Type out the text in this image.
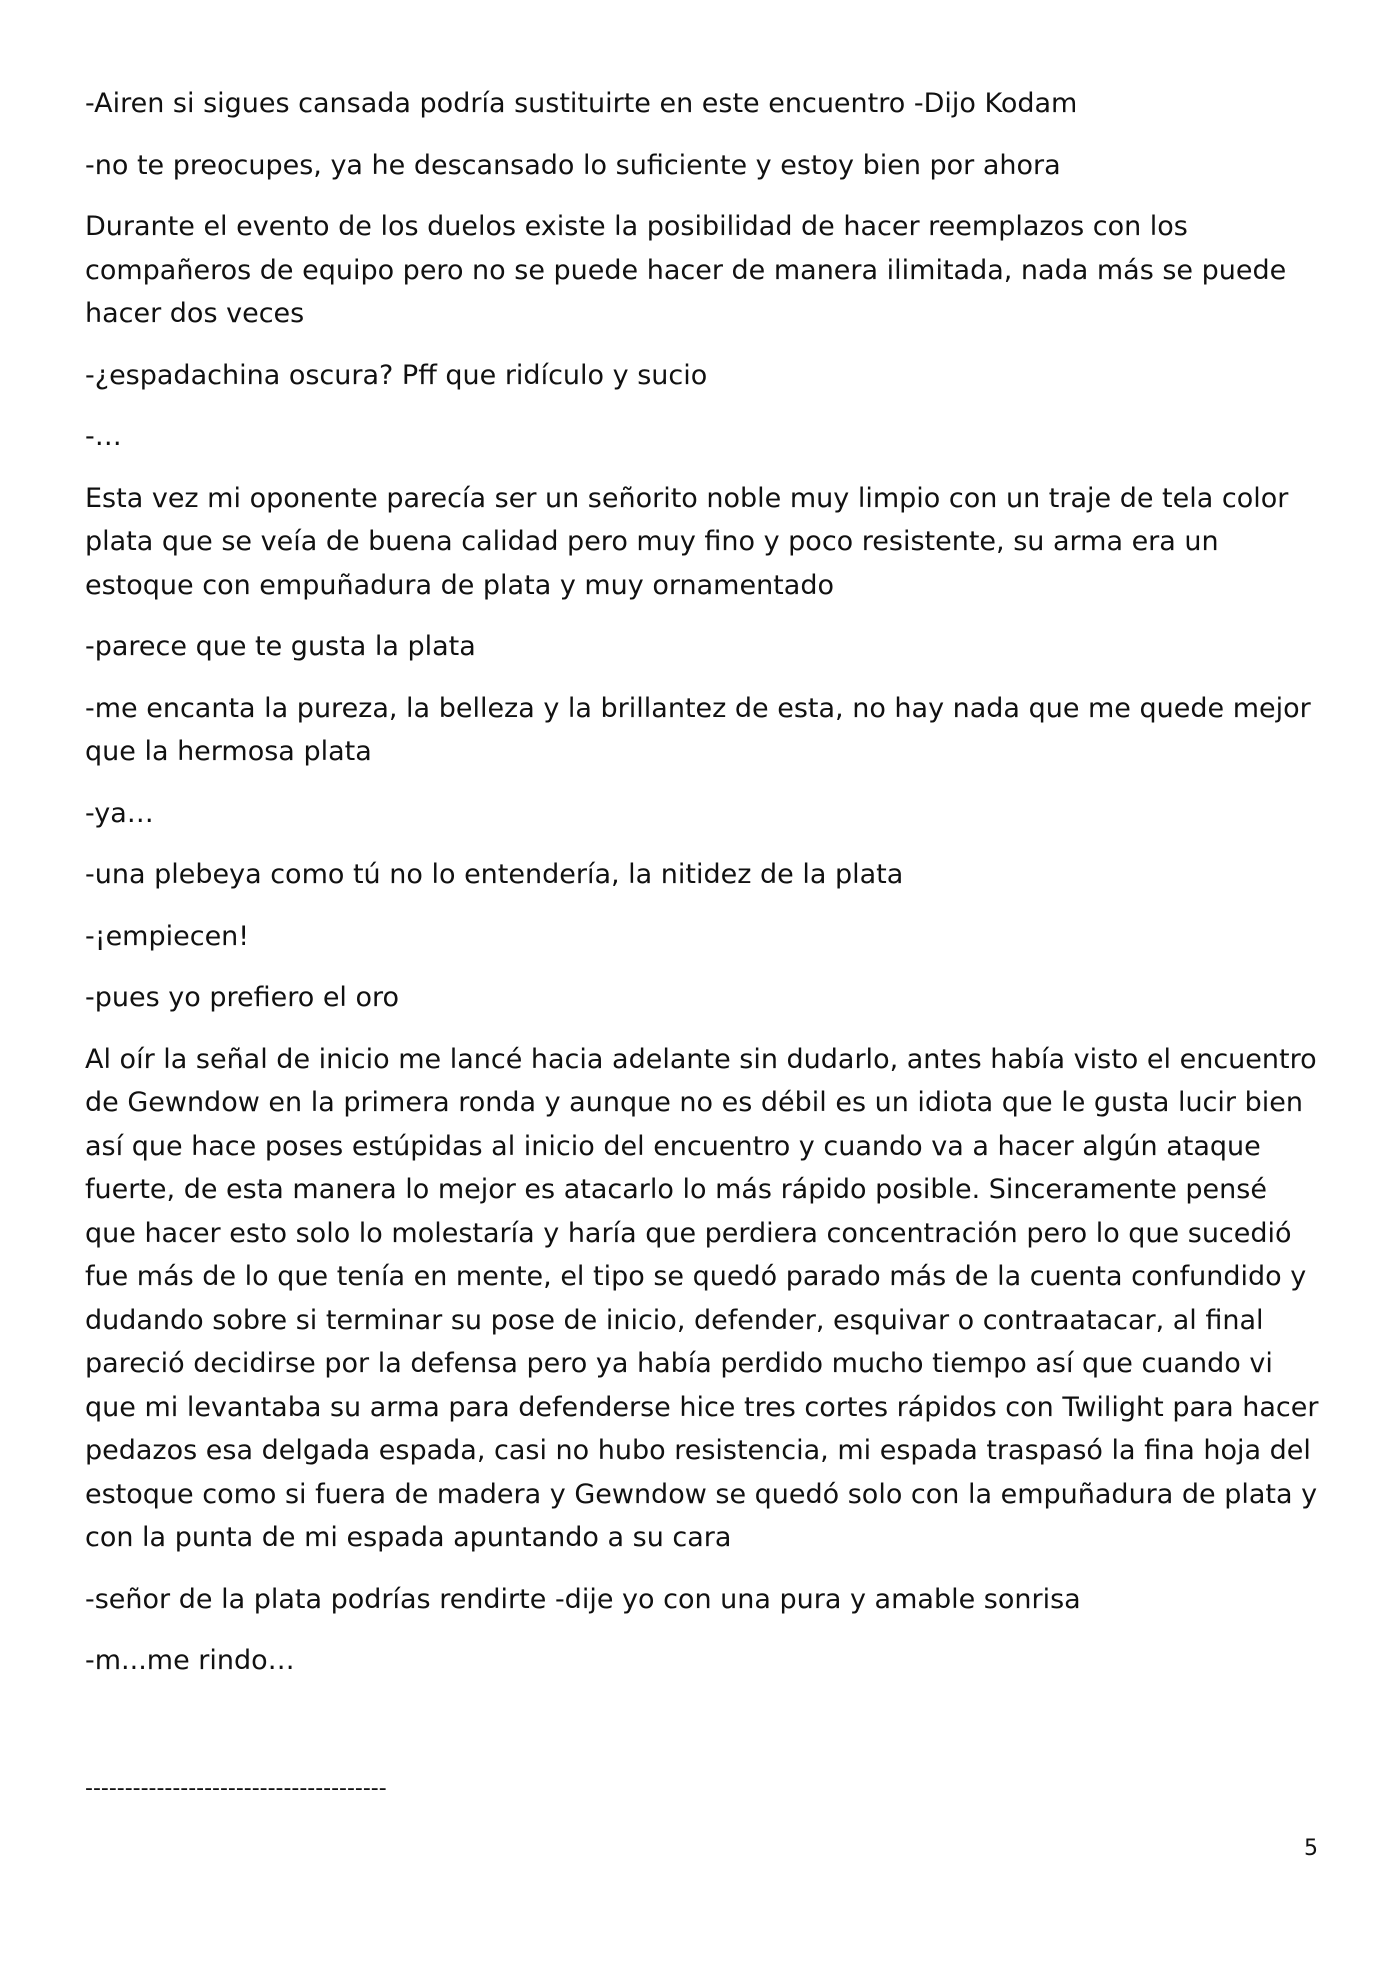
-Airen si sigues cansada podría sustituirte en este encuentro -Dijo Kodam

-no te preocupes, ya he descansado lo suficiente y estoy bien por ahora

Durante el evento de los duelos existe la posibilidad de hacer reemplazos con los compañeros de equipo pero no se puede hacer de manera ilimitada, nada más se puede hacer dos veces

-¿espadachina oscura? Pff que ridículo y sucio

-…

Esta vez mi oponente parecía ser un señorito noble muy limpio con un traje de tela color plata que se veía de buena calidad pero muy fino y poco resistente, su arma era un estoque con empuñadura de plata y muy ornamentado

-parece que te gusta la plata

-me encanta la pureza, la belleza y la brillantez de esta, no hay nada que me quede mejor que la hermosa plata

-ya…

-una plebeya como tú no lo entendería, la nitidez de la plata

-¡empiecen!

-pues yo prefiero el oro

Al oír la señal de inicio me lancé hacia adelante sin dudarlo, antes había visto el encuentro de Gewndow en la primera ronda y aunque no es débil es un idiota que le gusta lucir bien así que hace poses estúpidas al inicio del encuentro y cuando va a hacer algún ataque fuerte, de esta manera lo mejor es atacarlo lo más rápido posible. Sinceramente pensé que hacer esto solo lo molestaría y haría que perdiera concentración pero lo que sucedió fue más de lo que tenía en mente, el tipo se quedó parado más de la cuenta confundido y dudando sobre si terminar su pose de inicio, defender, esquivar o contraatacar, al final pareció decidirse por la defensa pero ya había perdido mucho tiempo así que cuando vi que mi levantaba su arma para defenderse hice tres cortes rápidos con Twilight para hacer pedazos esa delgada espada, casi no hubo resistencia, mi espada traspasó la fina hoja del estoque como si fuera de madera y Gewndow se quedó solo con la empuñadura de plata y con la punta de mi espada apuntando a su cara

-señor de la plata podrías rendirte -dije yo con una pura y amable sonrisa

-m...me rindo…

--------------------------------------
5
